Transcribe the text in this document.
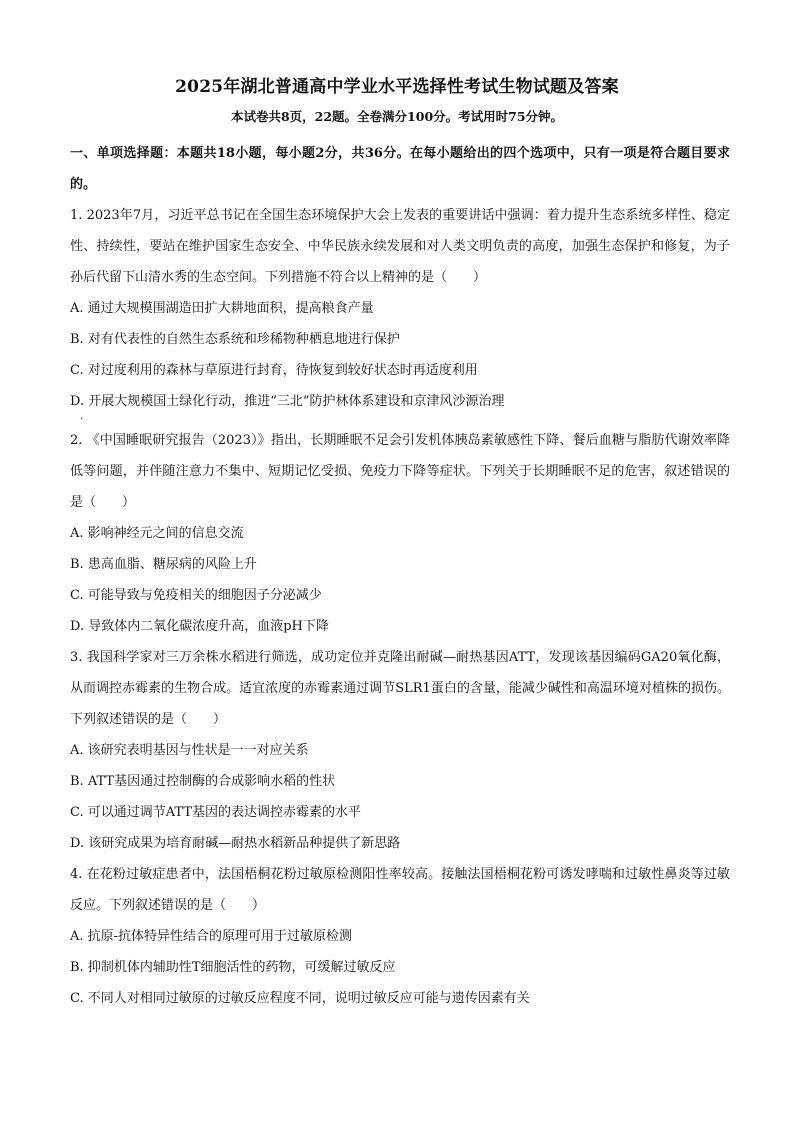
2025年湖北普通高中学业水平选择性考试生物试题及答案
本试卷共8页，22题。全卷满分100分。考试用时75分钟。
一、单项选择题：本题共18小题，每小题2分，共36分。在每小题给出的四个选项中，只有一项是符合题目要求的。
1. 2023年7月，习近平总书记在全国生态环境保护大会上发表的重要讲话中强调：着力提升生态系统多样性、稳定性、持续性，要站在维护国家生态安全、中华民族永续发展和对人类文明负责的高度，加强生态保护和修复，为子孙后代留下山清水秀的生态空间。下列措施不符合以上精神的是（　　）
A. 通过大规模围湖造田扩大耕地面积，提高粮食产量
B. 对有代表性的自然生态系统和珍稀物种栖息地进行保护
C. 对过度利用的森林与草原进行封育，待恢复到较好状态时再适度利用
D. 开展大规模国土绿化行动，推进“三北”防护林体系建设和京津风沙源治理
·
2. 《中国睡眠研究报告（2023）》指出，长期睡眠不足会引发机体胰岛素敏感性下降、餐后血糖与脂肪代谢效率降低等问题，并伴随注意力不集中、短期记忆受损、免疫力下降等症状。下列关于长期睡眠不足的危害，叙述错误的是（　　）
A. 影响神经元之间的信息交流
B. 患高血脂、糖尿病的风险上升
C. 可能导致与免疫相关的细胞因子分泌减少
D. 导致体内二氧化碳浓度升高，血液pH下降
3. 我国科学家对三万余株水稻进行筛选，成功定位并克隆出耐碱—耐热基因ATT，发现该基因编码GA20氧化酶，从而调控赤霉素的生物合成。适宜浓度的赤霉素通过调节SLR1蛋白的含量，能减少碱性和高温环境对植株的损伤。下列叙述错误的是（　　）
A. 该研究表明基因与性状是一一对应关系
B. ATT基因通过控制酶的合成影响水稻的性状
C. 可以通过调节ATT基因的表达调控赤霉素的水平
D. 该研究成果为培育耐碱—耐热水稻新品种提供了新思路
4. 在花粉过敏症患者中，法国梧桐花粉过敏原检测阳性率较高。接触法国梧桐花粉可诱发哮喘和过敏性鼻炎等过敏反应。下列叙述错误的是（　　）
A. 抗原-抗体特异性结合的原理可用于过敏原检测
B. 抑制机体内辅助性T细胞活性的药物，可缓解过敏反应
C. 不同人对相同过敏原的过敏反应程度不同，说明过敏反应可能与遗传因素有关
